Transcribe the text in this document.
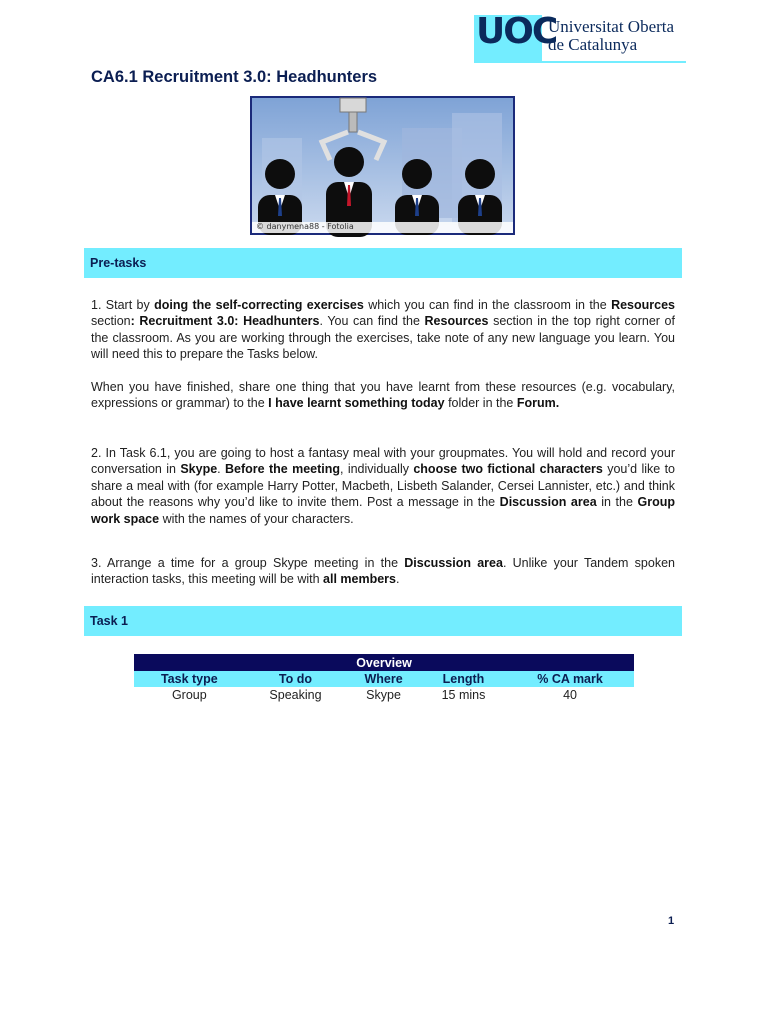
UOC
Universitat Oberta
de Catalunya
CA6.1 Recruitment 3.0: Headhunters
© danymena88 - Fotolia
Pre-tasks
1. Start by doing the self-correcting exercises which you can find in the classroom in the Resources section: Recruitment 3.0: Headhunters. You can find the Resources section in the top right corner of the classroom. As you are working through the exercises, take note of any new language you learn. You will need this to prepare the Tasks below.
When you have finished, share one thing that you have learnt from these resources (e.g. vocabulary, expressions or grammar) to the I have learnt something today folder in the Forum.
2. In Task 6.1, you are going to host a fantasy meal with your groupmates. You will hold and record your conversation in Skype. Before the meeting, individually choose two fictional characters you’d like to share a meal with (for example Harry Potter, Macbeth, Lisbeth Salander, Cersei Lannister, etc.) and think about the reasons why you’d like to invite them. Post a message in the Discussion area in the Group work space with the names of your characters.
3. Arrange a time for a group Skype meeting in the Discussion area. Unlike your Tandem spoken interaction tasks, this meeting will be with all members.
Task 1
Overview				
Task type	To do	Where	Length	% CA mark
Group	Speaking	Skype	15 mins	40
1
